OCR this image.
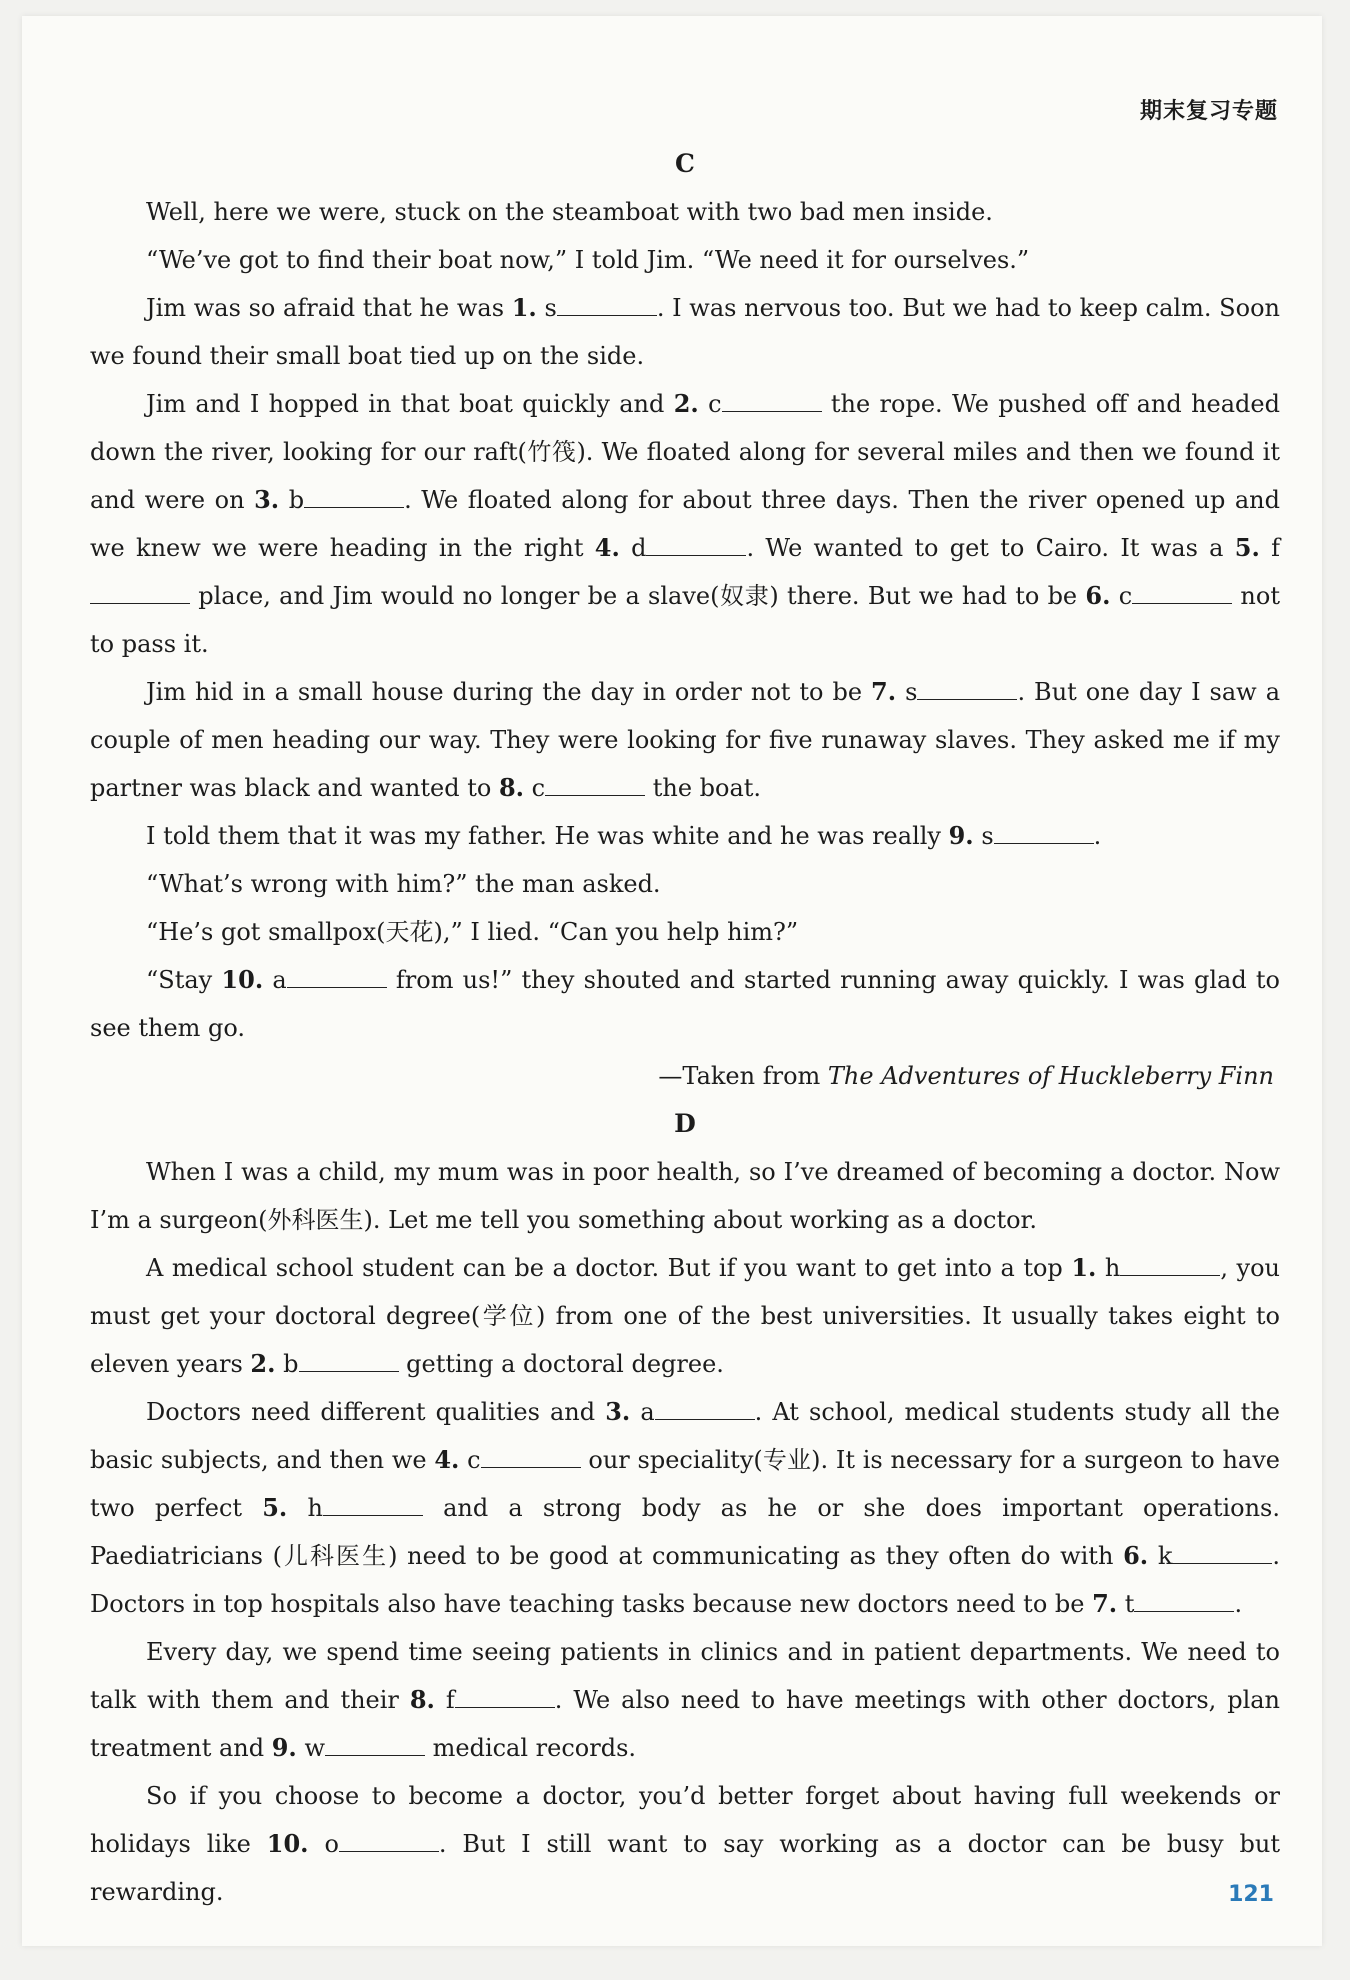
期末复习专题
C

Well, here we were, stuck on the steamboat with two bad men inside.

“We’ve got to find their boat now,” I told Jim. “We need it for ourselves.”

Jim was so afraid that he was 1. s	. I was nervous too. But we had to keep calm. Soon we found their small boat tied up on the side.

Jim and I hopped in that boat quickly and 2. c	the rope. We pushed off and headed down the river, looking for our raft(竹筏). We floated along for several miles and then we found it and were on 3. b	. We floated along for about three days. Then the river opened up and we knew we were heading in the right 4. d	. We wanted to get to Cairo. It was a 5. f place, and Jim would no longer be a slave(奴隶) there. But we had to be 6. c	not to pass it.

Jim hid in a small house during the day in order not to be 7. s	. But one day I saw a couple of men heading our way. They were looking for five runaway slaves. They asked me if my partner was black and wanted to 8. c	the boat.

I told them that it was my father. He was white and he was really 9. s	.

“What’s wrong with him?” the man asked.

“He’s got smallpox(天花),” I lied. “Can you help him?”

“Stay 10. a	from us!” they shouted and started running away quickly. I was glad to see them go.

—Taken from The Adventures of Huckleberry Finn

D

When I was a child, my mum was in poor health, so I’ve dreamed of becoming a doctor. Now I’m a surgeon(外科医生). Let me tell you something about working as a doctor.

A medical school student can be a doctor. But if you want to get into a top 1. h	, you must get your doctoral degree(学位) from one of the best universities. It usually takes eight to eleven years 2. b	getting a doctoral degree.

Doctors need different qualities and 3. a	. At school, medical students study all the basic subjects, and then we 4. c	our speciality(专业). It is necessary for a surgeon to have two perfect 5. h	and a strong body as he or she does important operations. Paediatricians (儿科医生) need to be good at communicating as they often do with 6. k	. Doctors in top hospitals also have teaching tasks because new doctors need to be 7. t	.

Every day, we spend time seeing patients in clinics and in patient departments. We need to talk with them and their 8. f	. We also need to have meetings with other doctors, plan treatment and 9. w	medical records.

So if you choose to become a doctor, you’d better forget about having full weekends or holidays like 10. o	. But I still want to say working as a doctor can be busy but rewarding.	121
